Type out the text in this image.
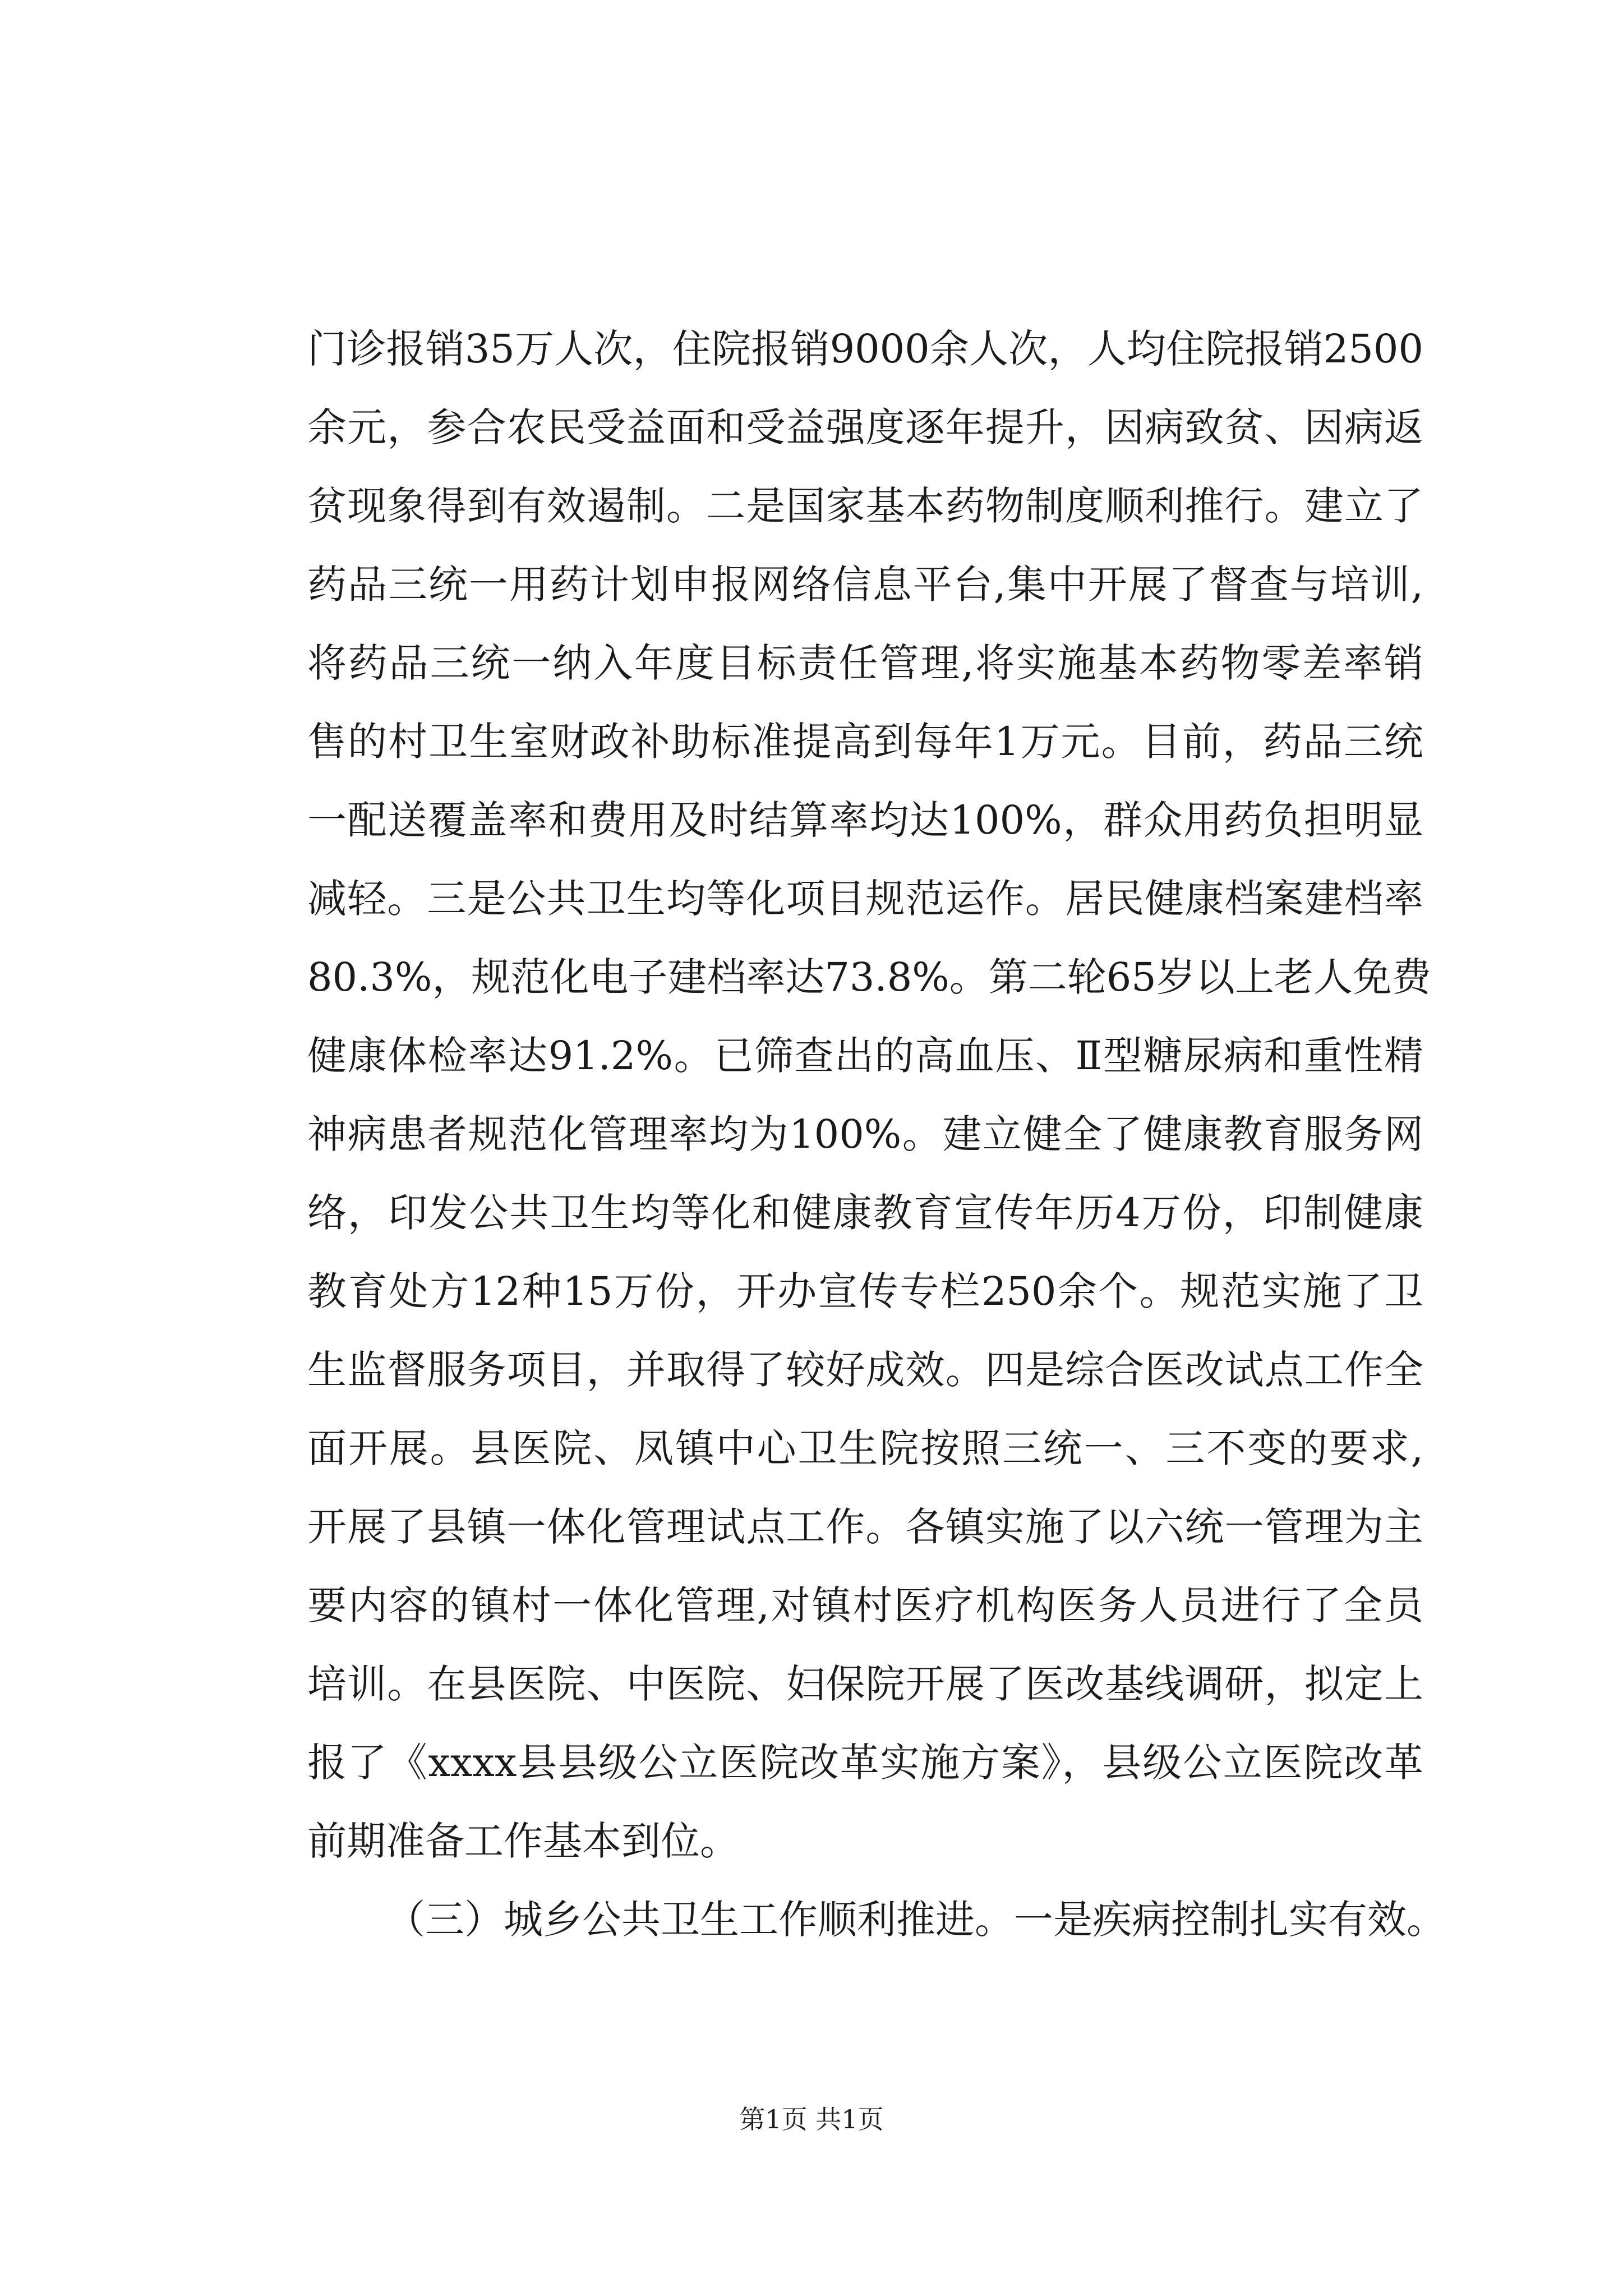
门诊报销35万人次，住院报销9000余人次，人均住院报销2500
余元，参合农民受益面和受益强度逐年提升，因病致贫、因病返
贫现象得到有效遏制。二是国家基本药物制度顺利推行。建立了
药品三统一用药计划申报网络信息平台,集中开展了督查与培训,
将药品三统一纳入年度目标责任管理,将实施基本药物零差率销
售的村卫生室财政补助标准提高到每年1万元。目前，药品三统
一配送覆盖率和费用及时结算率均达100%，群众用药负担明显
减轻。三是公共卫生均等化项目规范运作。居民健康档案建档率
80.3%，规范化电子建档率达73.8%。第二轮65岁以上老人免费
健康体检率达91.2%。已筛查出的高血压、Ⅱ型糖尿病和重性精
神病患者规范化管理率均为100%。建立健全了健康教育服务网
络，印发公共卫生均等化和健康教育宣传年历4万份，印制健康
教育处方12种15万份，开办宣传专栏250余个。规范实施了卫
生监督服务项目，并取得了较好成效。四是综合医改试点工作全
面开展。县医院、凤镇中心卫生院按照三统一、三不变的要求,
开展了县镇一体化管理试点工作。各镇实施了以六统一管理为主
要内容的镇村一体化管理,对镇村医疗机构医务人员进行了全员
培训。在县医院、中医院、妇保院开展了医改基线调研，拟定上
报了《xxxx县县级公立医院改革实施方案》，县级公立医院改革
前期准备工作基本到位。
（三）城乡公共卫生工作顺利推进。一是疾病控制扎实有效。
第1页 共1页
